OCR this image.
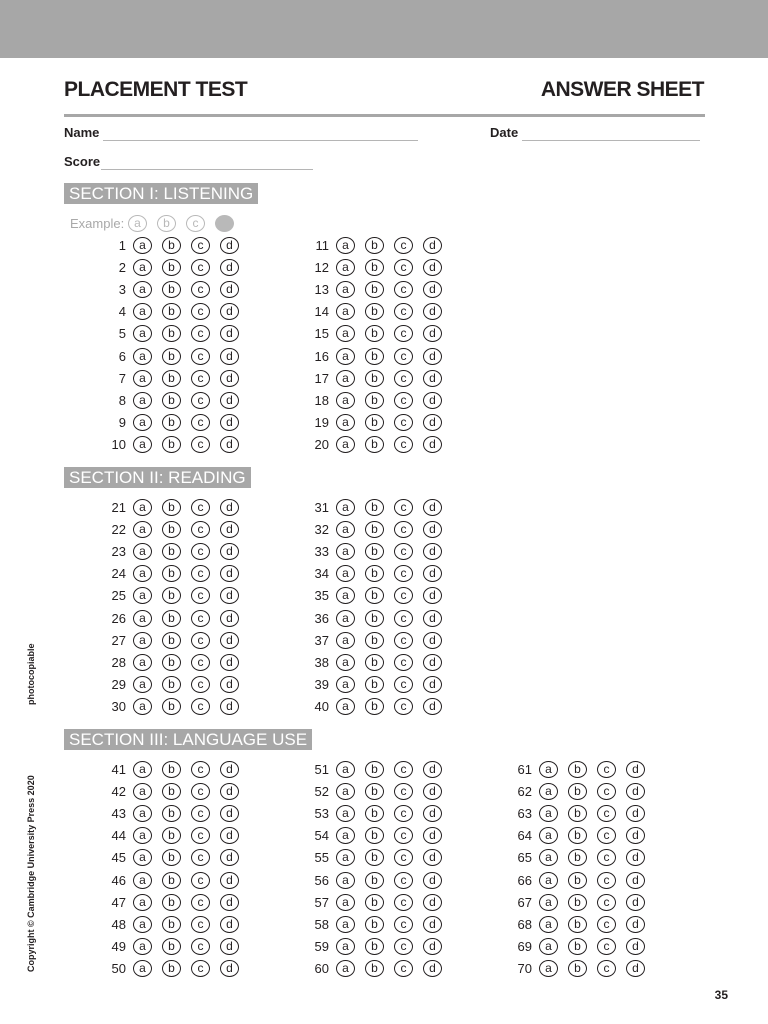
PLACEMENT TEST	ANSWER SHEET
Name	Date
Score
SECTION I: LISTENING
SECTION II: READING
SECTION III: LANGUAGE USE
Example: a	b	c
1	a	b	c	d
2	a	b	c	d
3	a	b	c	d
4	a	b	c	d
5	a	b	c	d
6	a	b	c	d
7	a	b	c	d
8	a	b	c	d
9	a	b	c	d
10	a	b	c	d
11	a	b	c	d
12	a	b	c	d
13	a	b	c	d
14	a	b	c	d
15	a	b	c	d
16	a	b	c	d
17	a	b	c	d
18	a	b	c	d
19	a	b	c	d
20	a	b	c	d
21	a	b	c	d
22	a	b	c	d
23	a	b	c	d
24	a	b	c	d
25	a	b	c	d
26	a	b	c	d
27	a	b	c	d
28	a	b	c	d
29	a	b	c	d
30	a	b	c	d
31	a	b	c	d
32	a	b	c	d
33	a	b	c	d
34	a	b	c	d
35	a	b	c	d
36	a	b	c	d
37	a	b	c	d
38	a	b	c	d
39	a	b	c	d
40	a	b	c	d
41	a	b	c	d
42	a	b	c	d
43	a	b	c	d
44	a	b	c	d
45	a	b	c	d
46	a	b	c	d
47	a	b	c	d
48	a	b	c	d
49	a	b	c	d
50	a	b	c	d
51	a	b	c	d
52	a	b	c	d
53	a	b	c	d
54	a	b	c	d
55	a	b	c	d
56	a	b	c	d
57	a	b	c	d
58	a	b	c	d
59	a	b	c	d
60	a	b	c	d
61	a	b	c	d
62	a	b	c	d
63	a	b	c	d
64	a	b	c	d
65	a	b	c	d
66	a	b	c	d
67	a	b	c	d
68	a	b	c	d
69	a	b	c	d
70	a	b	c	d
photocopiable
Copyright © Cambridge University Press 2020
35
